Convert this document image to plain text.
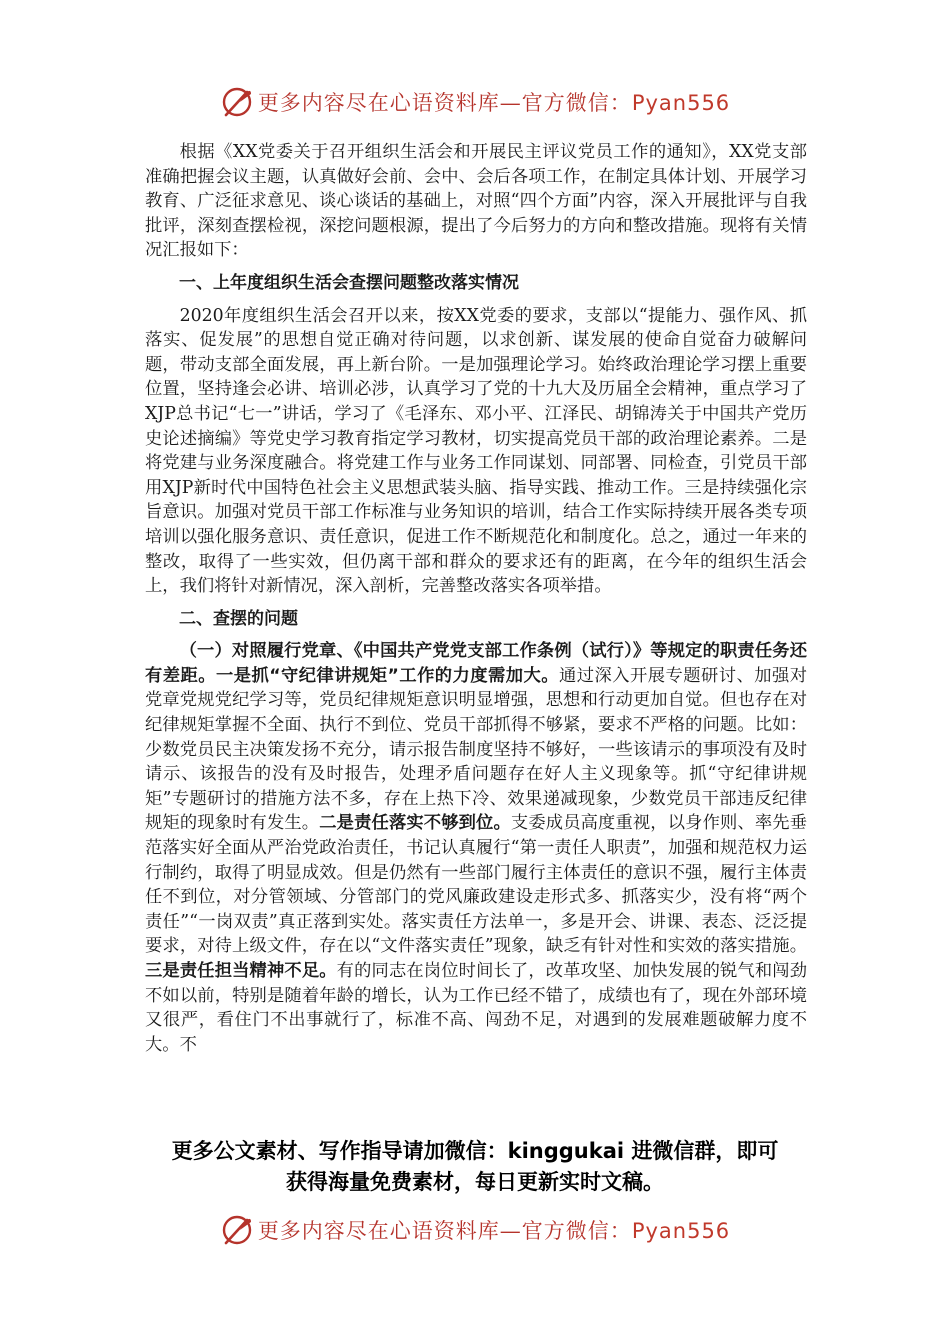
更多内容尽在心语资料库—官方微信：Pyan556

根据《XX党委关于召开组织生活会和开展民主评议党员工作的通知》，XX党支部准确把握会议主题，认真做好会前、会中、会后各项工作，在制定具体计划、开展学习教育、广泛征求意见、谈心谈话的基础上，对照“四个方面”内容，深入开展批评与自我批评，深刻查摆检视，深挖问题根源，提出了今后努力的方向和整改措施。现将有关情况汇报如下：

一、上年度组织生活会查摆问题整改落实情况

2020年度组织生活会召开以来，按XX党委的要求，支部以“提能力、强作风、抓落实、促发展”的思想自觉正确对待问题，以求创新、谋发展的使命自觉奋力破解问题，带动支部全面发展，再上新台阶。一是加强理论学习。始终政治理论学习摆上重要位置，坚持逢会必讲、培训必涉，认真学习了党的十九大及历届全会精神，重点学习了XJP总书记“七一”讲话，学习了《毛泽东、邓小平、江泽民、胡锦涛关于中国共产党历史论述摘编》等党史学习教育指定学习教材，切实提高党员干部的政治理论素养。二是将党建与业务深度融合。将党建工作与业务工作同谋划、同部署、同检查，引党员干部用XJP新时代中国特色社会主义思想武装头脑、指导实践、推动工作。三是持续强化宗旨意识。加强对党员干部工作标准与业务知识的培训，结合工作实际持续开展各类专项培训以强化服务意识、责任意识，促进工作不断规范化和制度化。总之，通过一年来的整改，取得了一些实效，但仍离干部和群众的要求还有的距离，在今年的组织生活会上，我们将针对新情况，深入剖析，完善整改落实各项举措。

二、查摆的问题

（一）对照履行党章、《中国共产党党支部工作条例（试行）》等规定的职责任务还有差距。一是抓“守纪律讲规矩”工作的力度需加大。通过深入开展专题研讨、加强对党章党规党纪学习等，党员纪律规矩意识明显增强，思想和行动更加自觉。但也存在对纪律规矩掌握不全面、执行不到位、党员干部抓得不够紧，要求不严格的问题。比如：少数党员民主决策发扬不充分，请示报告制度坚持不够好，一些该请示的事项没有及时请示、该报告的没有及时报告，处理矛盾问题存在好人主义现象等。抓“守纪律讲规矩”专题研讨的措施方法不多，存在上热下冷、效果递减现象，少数党员干部违反纪律规矩的现象时有发生。二是责任落实不够到位。支委成员高度重视，以身作则、率先垂范落实好全面从严治党政治责任，书记认真履行“第一责任人职责”，加强和规范权力运行制约，取得了明显成效。但是仍然有一些部门履行主体责任的意识不强，履行主体责任不到位，对分管领域、分管部门的党风廉政建设走形式多、抓落实少，没有将“两个责任”“一岗双责”真正落到实处。落实责任方法单一，多是开会、讲课、表态、泛泛提要求，对待上级文件，存在以“文件落实责任”现象，缺乏有针对性和实效的落实措施。三是责任担当精神不足。有的同志在岗位时间长了，改革攻坚、加快发展的锐气和闯劲不如以前，特别是随着年龄的增长，认为工作已经不错了，成绩也有了，现在外部环境又很严，看住门不出事就行了，标准不高、闯劲不足，对遇到的发展难题破解力度不大。不

更多公文素材、写作指导请加微信：kinggukai 进微信群，即可
获得海量免费素材，每日更新实时文稿。
更多内容尽在心语资料库—官方微信：Pyan556
